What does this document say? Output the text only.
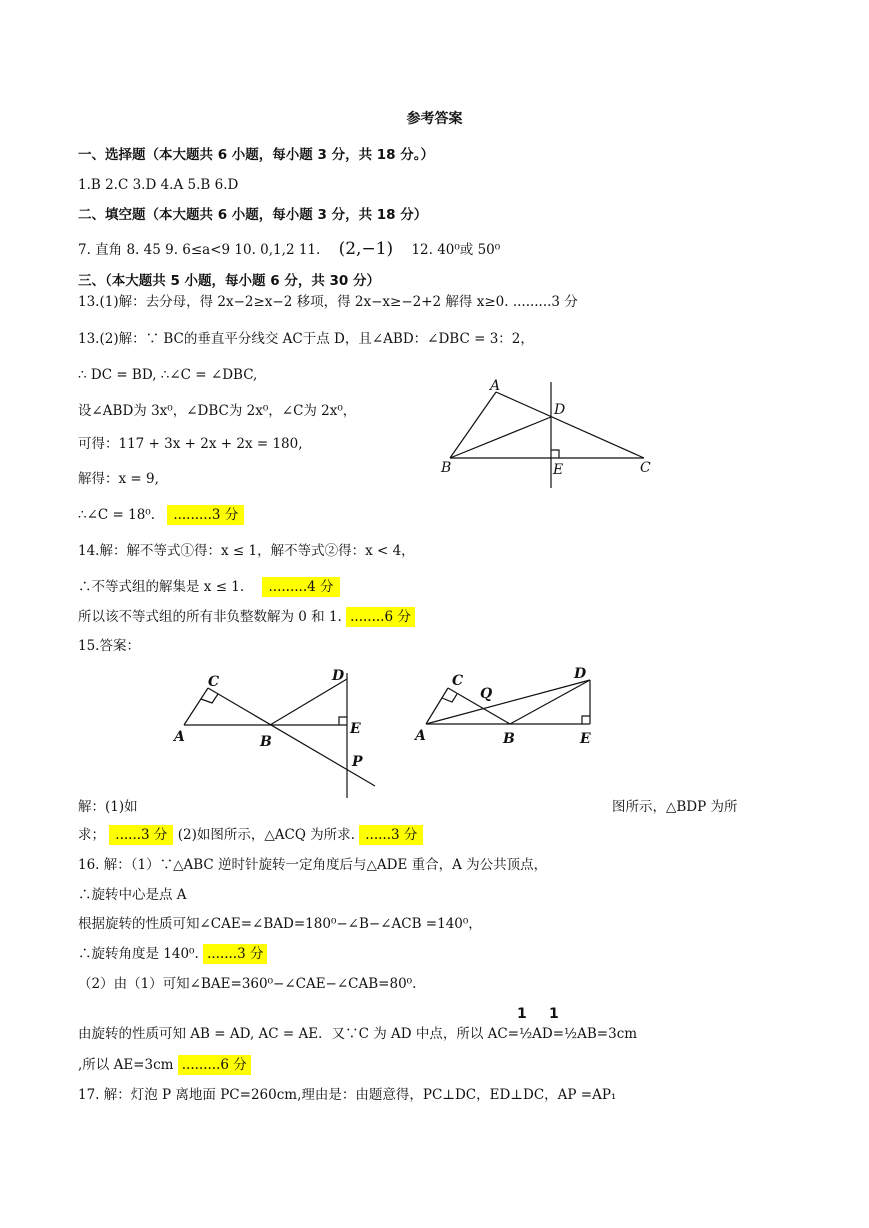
参考答案
一、选择题（本大题共 6 小题，每小题 3 分，共 18 分。）
1.B 2.C 3.D 4.A 5.B 6.D
二、填空题（本大题共 6 小题，每小题 3 分，共 18 分）
7. 直角 8. 45 9. 6≤a<9 10. 0,1,2 11. (2,−1) 12. 40⁰或 50⁰
三、（本大题共 5 小题，每小题 6 分，共 30 分）
13.(1)解：去分母，得 2x−2≥x−2 移项，得 2x−x≥−2+2 解得 x≥0. .........3 分
13.(2)解：∵ BC的垂直平分线交 AC于点 D，且∠ABD：∠DBC = 3：2，
∴ DC = BD, ∴∠C = ∠DBC,
设∠ABD为 3x⁰，∠DBC为 2x⁰，∠C为 2x⁰，
可得：117 + 3x + 2x + 2x = 180,
解得：x = 9,
∴∠C = 18⁰. .........3 分
A
D
B	E	C
14.解：解不等式①得：x ≤ 1，解不等式②得：x < 4，
∴不等式组的解集是 x ≤ 1. .........4 分
所以该不等式组的所有非负整数解为 0 和 1. ........6 分
15.答案：
C	D
A	B
E
P
C
Q
D
A	B	E
解：(1)如	图所示，△BDP 为所
求； ......3 分 (2)如图所示，△ACQ 为所求. ......3 分
16. 解：（1）∵△ABC 逆时针旋转一定角度后与△ADE 重合，A 为公共顶点，
∴旋转中心是点 A
根据旋转的性质可知∠CAE=∠BAD=180⁰−∠B−∠ACB =140⁰，
∴旋转角度是 140⁰. .......3 分
（2）由（1）可知∠BAE=360⁰−∠CAE−∠CAB=80⁰.
1 1
由旋转的性质可知 AB = AD, AC = AE．又∵C 为 AD 中点，所以 AC=½AD=½AB=3cm
,所以 AE=3cm .........6 分
17. 解：灯泡 P 离地面 PC=260cm,理由是：由题意得，PC⊥DC，ED⊥DC，AP =AP₁
